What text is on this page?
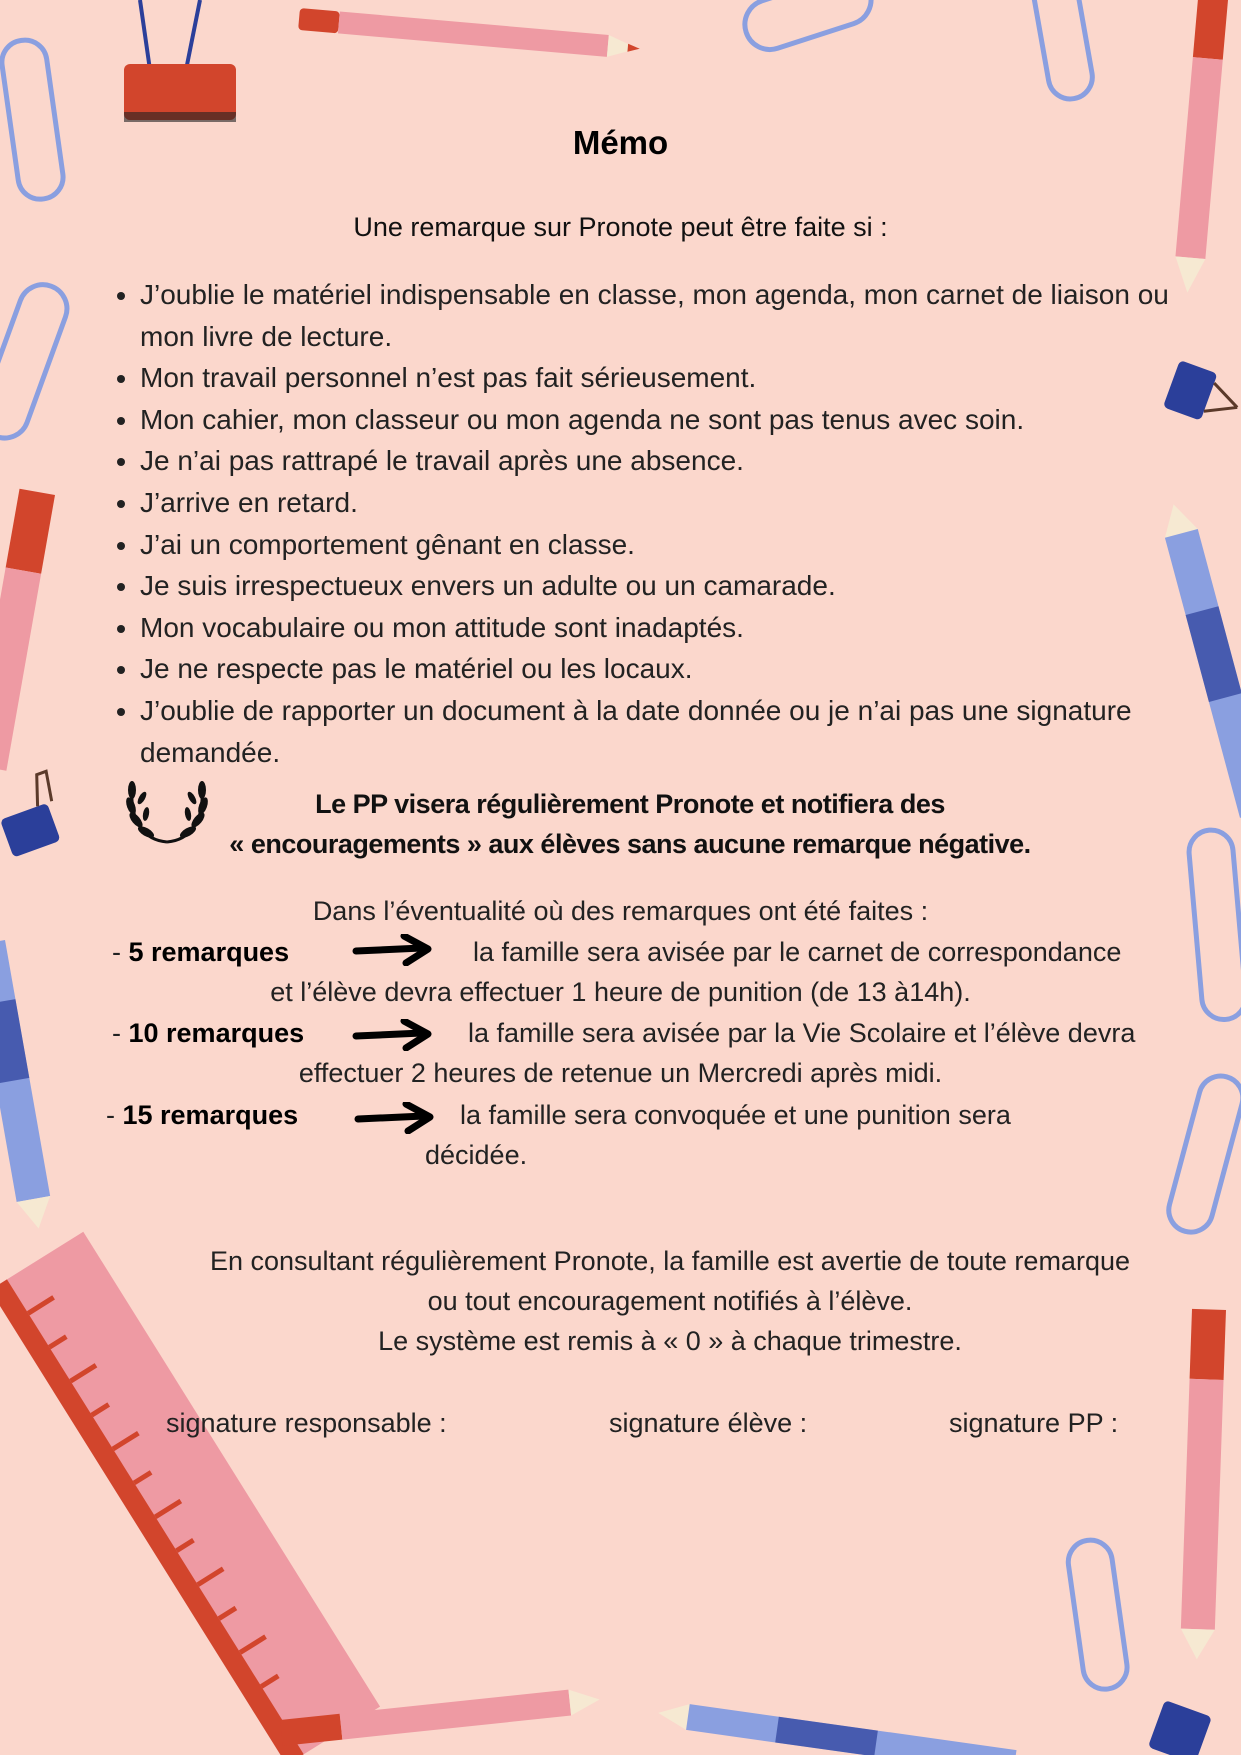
Mémo
Une remarque sur Pronote peut être faite si :
• J’oublie le matériel indispensable en classe, mon agenda, mon carnet de liaison ou mon livre de lecture.
• Mon travail personnel n’est pas fait sérieusement.
• Mon cahier, mon classeur ou mon agenda ne sont pas tenus avec soin.
• Je n’ai pas rattrapé le travail après une absence.
• J’arrive en retard.
• J’ai un comportement gênant en classe.
• Je suis irrespectueux envers un adulte ou un camarade.
• Mon vocabulaire ou mon attitude sont inadaptés.
• Je ne respecte pas le matériel ou les locaux.
• J’oublie de rapporter un document à la date donnée ou je n’ai pas une signature demandée.
Le PP visera régulièrement Pronote et notifiera des
« encouragements » aux élèves sans aucune remarque négative.
Dans l’éventualité où des remarques ont été faites :
- 5 remarques	la famille sera avisée par le carnet de correspondance
et l’élève devra effectuer 1 heure de punition (de 13 à14h).
- 10 remarques	la famille sera avisée par la Vie Scolaire et l’élève devra
effectuer 2 heures de retenue un Mercredi après midi.
- 15 remarques	la famille sera convoquée et une punition sera
décidée.
En consultant régulièrement Pronote, la famille est avertie de toute remarque
ou tout encouragement notifiés à l’élève.
Le système est remis à « 0 » à chaque trimestre.
signature responsable :	signature élève :	signature PP :
